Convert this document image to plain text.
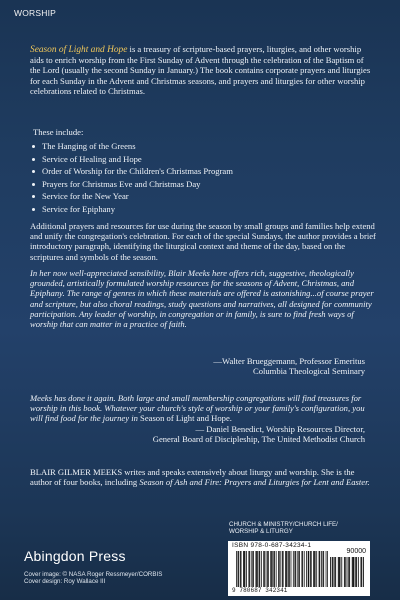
WORSHIP
Season of Light and Hope is a treasury of scripture-based prayers, liturgies, and other worship aids to enrich worship from the First Sunday of Advent through the celebration of the Baptism of the Lord (usually the second Sunday in January.) The book contains corporate prayers and liturgies for each Sunday in the Advent and Christmas seasons, and prayers and liturgies for other worship celebrations related to Christmas.
These include:
The Hanging of the Greens
Service of Healing and Hope
Order of Worship for the Children's Christmas Program
Prayers for Christmas Eve and Christmas Day
Service for the New Year
Service for Epiphany
Additional prayers and resources for use during the season by small groups and families help extend and unify the congregation's celebration. For each of the special Sundays, the author provides a brief introductory paragraph, identifying the liturgical context and theme of the day, based on the scriptures and symbols of the season.
In her now well-appreciated sensibility, Blair Meeks here offers rich, suggestive, theologically grounded, artistically formulated worship resources for the seasons of Advent, Christmas, and Epiphany. The range of genres in which these materials are offered is astonishing...of course prayer and scripture, but also choral readings, study questions and narratives, all designed for community participation. Any leader of worship, in congregation or in family, is sure to find fresh ways of worship that can matter in a practice of faith.
—Walter Brueggemann, Professor Emeritus
Columbia Theological Seminary
Meeks has done it again. Both large and small membership congregations will find treasures for worship in this book. Whatever your church's style of worship or your family's configuration, you will find food for the journey in Season of Light and Hope.
— Daniel Benedict, Worship Resources Director,
General Board of Discipleship, The United Methodist Church
BLAIR GILMER MEEKS writes and speaks extensively about liturgy and worship. She is the author of four books, including Season of Ash and Fire: Prayers and Liturgies for Lent and Easter.
CHURCH & MINISTRY/CHURCH LIFE/
WORSHIP & LITURGY
ISBN 978-0-687-34234-1
90000
9 780687 342341
Abingdon Press
Cover image: © NASA Roger Ressmeyer/CORBIS
Cover design: Roy Wallace III
